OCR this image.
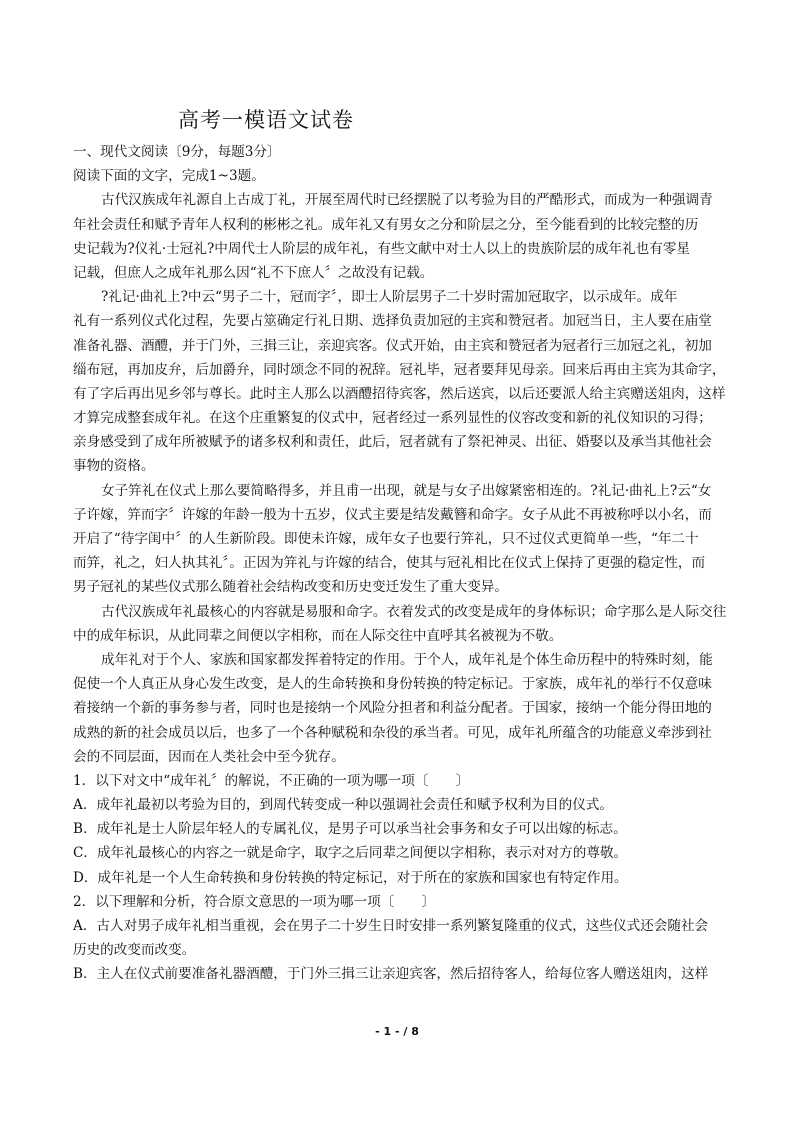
高考一模语文试卷
一、现代文阅读〔9分，每题3分〕
阅读下面的文字，完成1~3题。
古代汉族成年礼源自上古成丁礼，开展至周代时已经摆脱了以考验为目的严酷形式，而成为一种强调青
年社会责任和赋予青年人权利的彬彬之礼。成年礼又有男女之分和阶层之分，至今能看到的比较完整的历
史记载为?仪礼·士冠礼?中周代士人阶层的成年礼，有些文献中对士人以上的贵族阶层的成年礼也有零星
记载，但庶人之成年礼那么因“礼不下庶人〞之故没有记载。
?礼记·曲礼上?中云“男子二十，冠而字〞，即士人阶层男子二十岁时需加冠取字，以示成年。成年
礼有一系列仪式化过程，先要占筮确定行礼日期、选择负责加冠的主宾和赞冠者。加冠当日，主人要在庙堂
准备礼器、酒醴，并于门外，三揖三让，亲迎宾客。仪式开始，由主宾和赞冠者为冠者行三加冠之礼，初加
缁布冠，再加皮弁，后加爵弁，同时颂念不同的祝辞。冠礼毕，冠者要拜见母亲。回来后再由主宾为其命字，
有了字后再出见乡邻与尊长。此时主人那么以酒醴招待宾客，然后送宾，以后还要派人给主宾赠送俎肉，这样
才算完成整套成年礼。在这个庄重繁复的仪式中，冠者经过一系列显性的仪容改变和新的礼仪知识的习得；
亲身感受到了成年所被赋予的诸多权利和责任，此后，冠者就有了祭祀神灵、出征、婚娶以及承当其他社会
事物的资格。
女子笄礼在仪式上那么要简略得多，并且甫一出现，就是与女子出嫁紧密相连的。?礼记·曲礼上?云“女
子许嫁，笄而字〞许嫁的年龄一般为十五岁，仪式主要是结发戴簪和命字。女子从此不再被称呼以小名，而
开启了“待字闺中〞的人生新阶段。即使未许嫁，成年女子也要行笄礼，只不过仪式更简单一些，“年二十
而笄，礼之，妇人执其礼〞。正因为笄礼与许嫁的结合，使其与冠礼相比在仪式上保持了更强的稳定性，而
男子冠礼的某些仪式那么随着社会结构改变和历史变迁发生了重大变异。
古代汉族成年礼最核心的内容就是易服和命字。衣着发式的改变是成年的身体标识；命字那么是人际交往
中的成年标识，从此同辈之间便以字相称，而在人际交往中直呼其名被视为不敬。
成年礼对于个人、家族和国家都发挥着特定的作用。于个人，成年礼是个体生命历程中的特殊时刻，能
促使一个人真正从身心发生改变，是人的生命转换和身份转换的特定标记。于家族，成年礼的举行不仅意味
着接纳一个新的事务参与者，同时也是接纳一个风险分担者和利益分配者。于国家，接纳一个能分得田地的
成熟的新的社会成员以后，也多了一个各种赋税和杂役的承当者。可见，成年礼所蕴含的功能意义牵涉到社
会的不同层面，因而在人类社会中至今犹存。
1．以下对文中“成年礼〞的解说，不正确的一项为哪一项〔　　〕
A．成年礼最初以考验为目的，到周代转变成一种以强调社会责任和赋予权利为目的仪式。
B．成年礼是士人阶层年轻人的专属礼仪，是男子可以承当社会事务和女子可以出嫁的标志。
C．成年礼最核心的内容之一就是命字，取字之后同辈之间便以字相称，表示对对方的尊敬。
D．成年礼是一个人生命转换和身份转换的特定标记，对于所在的家族和国家也有特定作用。
2．以下理解和分析，符合原文意思的一项为哪一项〔　　〕
A．古人对男子成年礼相当重视，会在男子二十岁生日时安排一系列繁复隆重的仪式，这些仪式还会随社会
历史的改变而改变。
B．主人在仪式前要准备礼器酒醴，于门外三揖三让亲迎宾客，然后招待客人，给每位客人赠送俎肉，这样
- 1 - / 8
